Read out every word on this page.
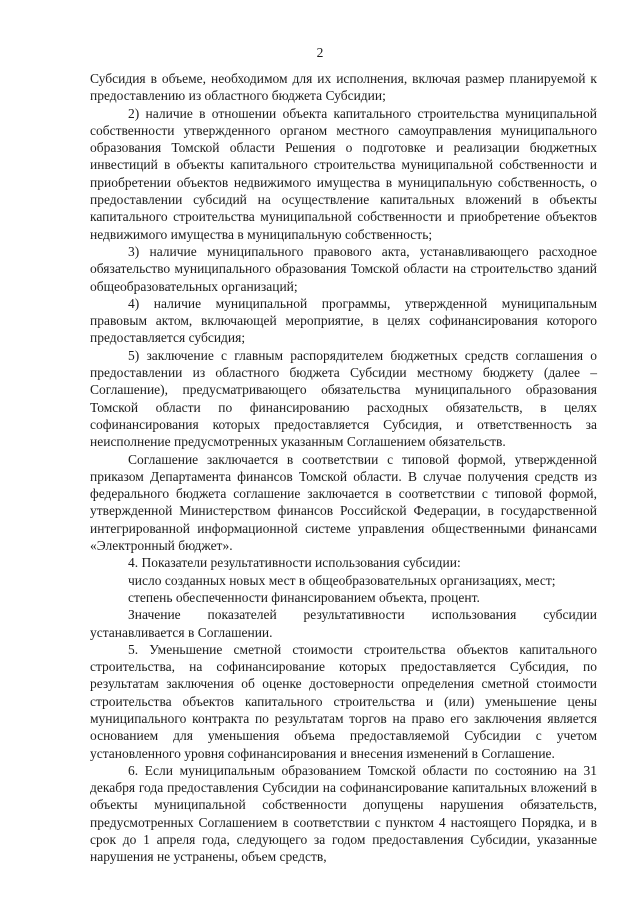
2

Субсидия в объеме, необходимом для их исполнения, включая размер планируемой к предоставлению из областного бюджета Субсидии;

2) наличие в отношении объекта капитального строительства муниципальной собственности утвержденного органом местного самоуправления муниципального образования Томской области Решения о подготовке и реализации бюджетных инвестиций в объекты капитального строительства муниципальной собственности и приобретении объектов недвижимого имущества в муниципальную собственность, о предоставлении субсидий на осуществление капитальных вложений в объекты капитального строительства муниципальной собственности и приобретение объектов недвижимого имущества в муниципальную собственность;

3) наличие муниципального правового акта, устанавливающего расходное обязательство муниципального образования Томской области на строительство зданий общеобразовательных организаций;

4) наличие муниципальной программы, утвержденной муниципальным правовым актом, включающей мероприятие, в целях софинансирования которого предоставляется субсидия;

5) заключение с главным распорядителем бюджетных средств соглашения о предоставлении из областного бюджета Субсидии местному бюджету (далее – Соглашение), предусматривающего обязательства муниципального образования Томской области по финансированию расходных обязательств, в целях софинансирования которых предоставляется Субсидия, и ответственность за неисполнение предусмотренных указанным Соглашением обязательств.

Соглашение заключается в соответствии с типовой формой, утвержденной приказом Департамента финансов Томской области. В случае получения средств из федерального бюджета соглашение заключается в соответствии с типовой формой, утвержденной Министерством финансов Российской Федерации, в государственной интегрированной информационной системе управления общественными финансами «Электронный бюджет».

4. Показатели результативности использования субсидии:

число созданных новых мест в общеобразовательных организациях, мест;

степень обеспеченности финансированием объекта, процент.

Значение показателей результативности использования субсидии устанавливается в Соглашении.

5. Уменьшение сметной стоимости строительства объектов капитального строительства, на софинансирование которых предоставляется Субсидия, по результатам заключения об оценке достоверности определения сметной стоимости строительства объектов капитального строительства и (или) уменьшение цены муниципального контракта по результатам торгов на право его заключения является основанием для уменьшения объема предоставляемой Субсидии с учетом установленного уровня софинансирования и внесения изменений в Соглашение.

6. Если муниципальным образованием Томской области по состоянию на 31 декабря года предоставления Субсидии на софинансирование капитальных вложений в объекты муниципальной собственности допущены нарушения обязательств, предусмотренных Соглашением в соответствии с пунктом 4 настоящего Порядка, и в срок до 1 апреля года, следующего за годом предоставления Субсидии, указанные нарушения не устранены, объем средств,
